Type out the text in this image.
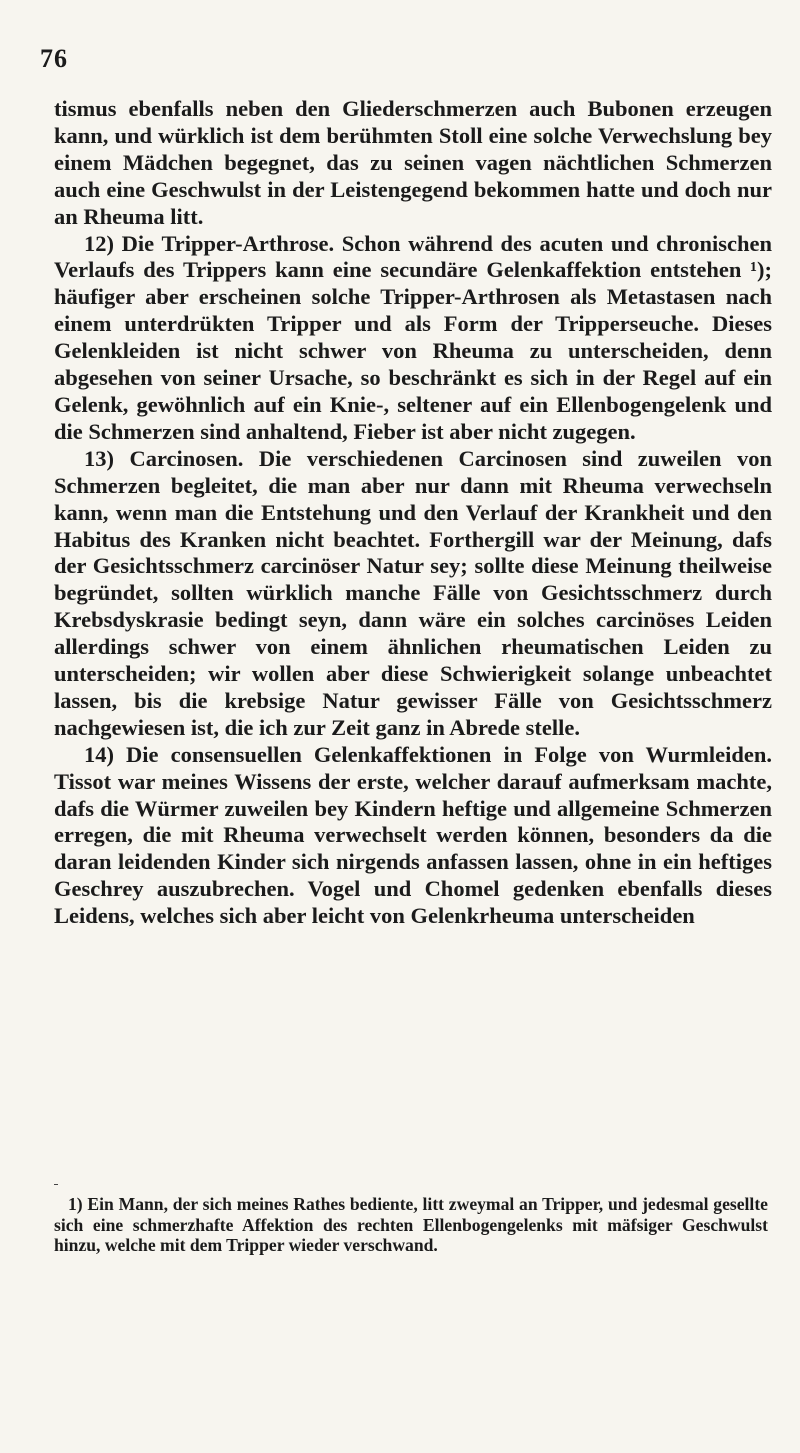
76

tismus ebenfalls neben den Gliederschmerzen auch Bubonen erzeugen kann, und würklich ist dem berühmten Stoll eine solche Verwechslung bey einem Mädchen begegnet, das zu seinen vagen nächtlichen Schmerzen auch eine Geschwulst in der Leistengegend bekommen hatte und doch nur an Rheuma litt.

12) Die Tripper-Arthrose. Schon während des acuten und chronischen Verlaufs des Trippers kann eine secundäre Gelenkaffektion entstehen ¹); häufiger aber erscheinen solche Tripper-Arthrosen als Metastasen nach einem unterdrükten Tripper und als Form der Tripperseuche. Dieses Gelenkleiden ist nicht schwer von Rheuma zu unterscheiden, denn abgesehen von seiner Ursache, so beschränkt es sich in der Regel auf ein Gelenk, gewöhnlich auf ein Knie-, seltener auf ein Ellenbogengelenk und die Schmerzen sind anhaltend, Fieber ist aber nicht zugegen.

13) Carcinosen. Die verschiedenen Carcinosen sind zuweilen von Schmerzen begleitet, die man aber nur dann mit Rheuma verwechseln kann, wenn man die Entstehung und den Verlauf der Krankheit und den Habitus des Kranken nicht beachtet. Forthergill war der Meinung, dafs der Gesichtsschmerz carcinöser Natur sey; sollte diese Meinung theilweise begründet, sollten würklich manche Fälle von Gesichtsschmerz durch Krebsdyskrasie bedingt seyn, dann wäre ein solches carcinöses Leiden allerdings schwer von einem ähnlichen rheumatischen Leiden zu unterscheiden; wir wollen aber diese Schwierigkeit solange unbeachtet lassen, bis die krebsige Natur gewisser Fälle von Gesichtsschmerz nachgewiesen ist, die ich zur Zeit ganz in Abrede stelle.

14) Die consensuellen Gelenkaffektionen in Folge von Wurmleiden. Tissot war meines Wissens der erste, welcher darauf aufmerksam machte, dafs die Würmer zuweilen bey Kindern heftige und allgemeine Schmerzen erregen, die mit Rheuma verwechselt werden können, besonders da die daran leidenden Kinder sich nirgends anfassen lassen, ohne in ein heftiges Geschrey auszubrechen. Vogel und Chomel gedenken ebenfalls dieses Leidens, welches sich aber leicht von Gelenkrheuma unterscheiden

1) Ein Mann, der sich meines Rathes bediente, litt zweymal an Tripper, und jedesmal gesellte sich eine schmerzhafte Affektion des rechten Ellenbogengelenks mit mäfsiger Geschwulst hinzu, welche mit dem Tripper wieder verschwand.
